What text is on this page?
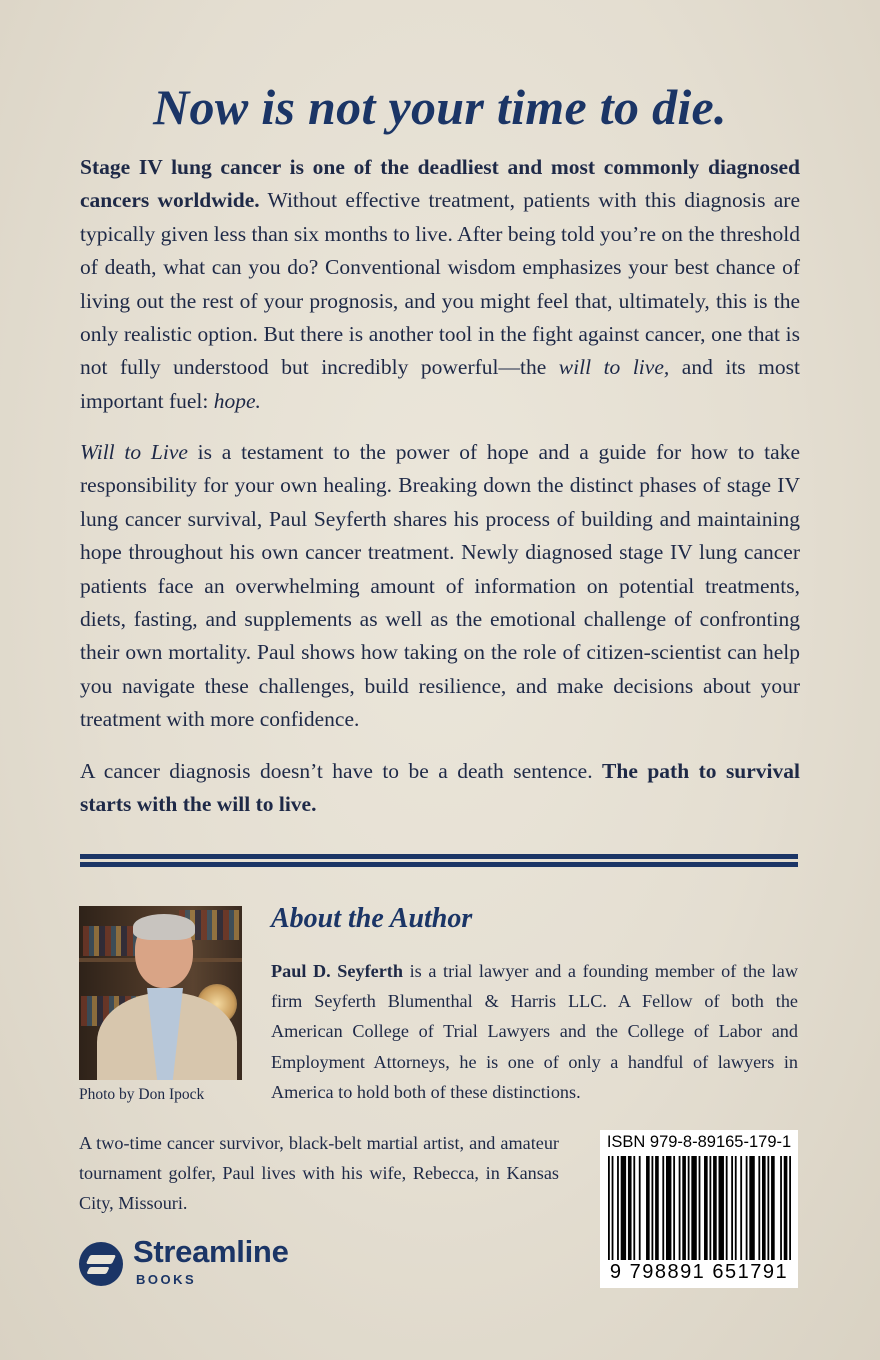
Now is not your time to die.

Stage IV lung cancer is one of the deadliest and most commonly diagnosed cancers worldwide. Without effective treatment, patients with this diagnosis are typically given less than six months to live. After being told you’re on the threshold of death, what can you do? Conventional wisdom emphasizes your best chance of living out the rest of your prognosis, and you might feel that, ultimately, this is the only realistic option. But there is another tool in the fight against cancer, one that is not fully understood but incredibly powerful—the will to live, and its most important fuel: hope.

Will to Live is a testament to the power of hope and a guide for how to take responsibility for your own healing. Breaking down the distinct phases of stage IV lung cancer survival, Paul Seyferth shares his process of building and maintaining hope throughout his own cancer treatment. Newly diagnosed stage IV lung cancer patients face an overwhelming amount of information on potential treatments, diets, fasting, and supplements as well as the emotional challenge of confronting their own mortality. Paul shows how taking on the role of citizen-scientist can help you navigate these challenges, build resilience, and make decisions about your treatment with more confidence.

A cancer diagnosis doesn’t have to be a death sentence. The path to survival starts with the will to live.

Photo by Don Ipock

About the Author

Paul D. Seyferth is a trial lawyer and a founding member of the law firm Seyferth Blumenthal & Harris LLC. A Fellow of both the American College of Trial Lawyers and the College of Labor and Employment Attorneys, he is one of only a handful of lawyers in America to hold both of these distinctions.

A two-time cancer survivor, black-belt martial artist, and amateur tournament golfer, Paul lives with his wife, Rebecca, in Kansas City, Missouri.

Streamline
BOOKS

ISBN 979-8-89165-179-1

9 798891 651791
